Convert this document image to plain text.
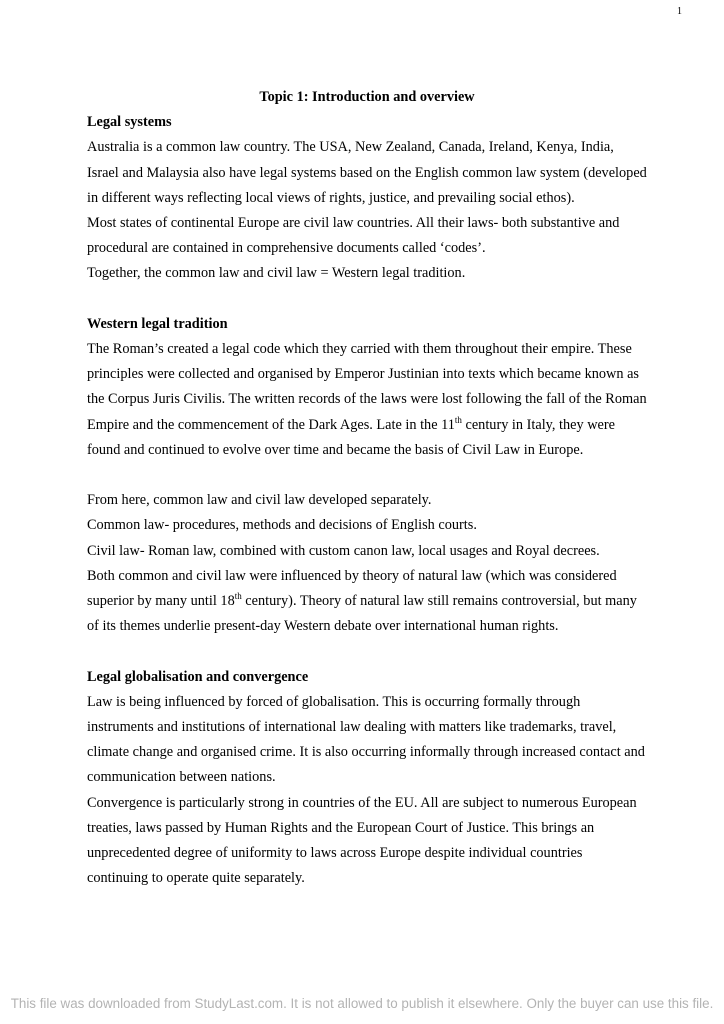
1

Topic 1: Introduction and overview

Legal systems

Australia is a common law country. The USA, New Zealand, Canada, Ireland, Kenya, India, Israel and Malaysia also have legal systems based on the English common law system (developed in different ways reflecting local views of rights, justice, and prevailing social ethos).

Most states of continental Europe are civil law countries. All their laws- both substantive and procedural are contained in comprehensive documents called ‘codes’.

Together, the common law and civil law = Western legal tradition.

Western legal tradition

The Roman’s created a legal code which they carried with them throughout their empire. These principles were collected and organised by Emperor Justinian into texts which became known as the Corpus Juris Civilis. The written records of the laws were lost following the fall of the Roman Empire and the commencement of the Dark Ages. Late in the 11th century in Italy, they were found and continued to evolve over time and became the basis of Civil Law in Europe.

From here, common law and civil law developed separately.

Common law- procedures, methods and decisions of English courts.

Civil law- Roman law, combined with custom canon law, local usages and Royal decrees.

Both common and civil law were influenced by theory of natural law (which was considered superior by many until 18th century). Theory of natural law still remains controversial, but many of its themes underlie present-day Western debate over international human rights.

Legal globalisation and convergence

Law is being influenced by forced of globalisation. This is occurring formally through instruments and institutions of international law dealing with matters like trademarks, travel, climate change and organised crime. It is also occurring informally through increased contact and communication between nations.

Convergence is particularly strong in countries of the EU. All are subject to numerous European treaties, laws passed by Human Rights and the European Court of Justice. This brings an unprecedented degree of uniformity to laws across Europe despite individual countries continuing to operate quite separately.

This file was downloaded from StudyLast.com. It is not allowed to publish it elsewhere. Only the buyer can use this file.
